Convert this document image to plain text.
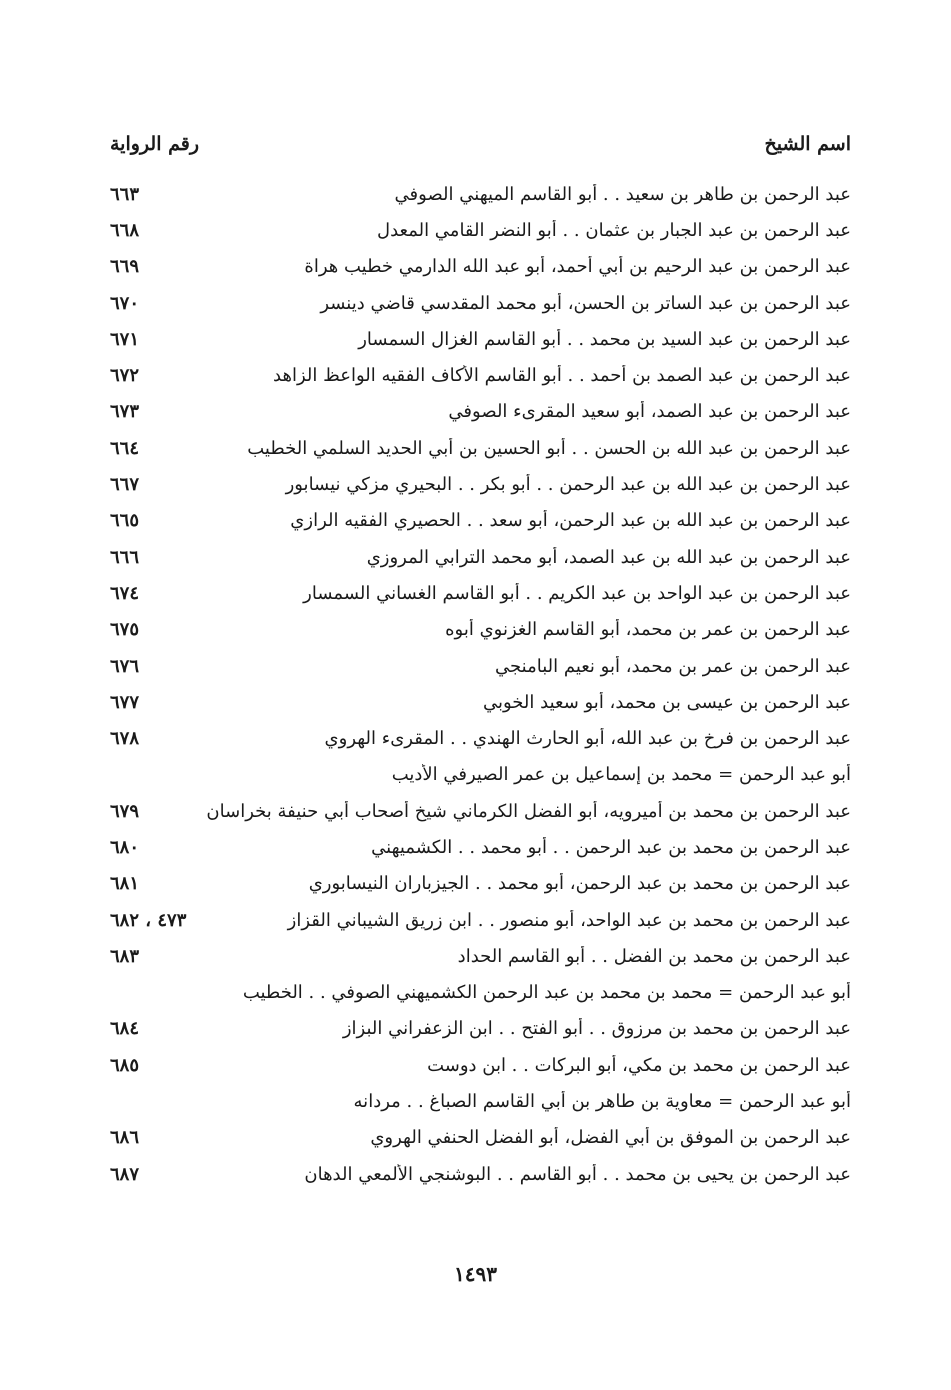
اسم الشيخ
رقم الرواية
عبد الرحمن بن طاهر بن سعيد . . أبو القاسم الميهني الصوفي
٦٦٣
عبد الرحمن بن عبد الجبار بن عثمان . . أبو النضر القامي المعدل
٦٦٨
عبد الرحمن بن عبد الرحيم بن أبي أحمد، أبو عبد الله الدارمي خطيب هراة
٦٦٩
عبد الرحمن بن عبد الساتر بن الحسن، أبو محمد المقدسي قاضي دينسر
٦٧٠
عبد الرحمن بن عبد السيد بن محمد . . أبو القاسم الغزال السمسار
٦٧١
عبد الرحمن بن عبد الصمد بن أحمد . . أبو القاسم الأكاف الفقيه الواعظ الزاهد
٦٧٢
عبد الرحمن بن عبد الصمد، أبو سعيد المقرىء الصوفي
٦٧٣
عبد الرحمن بن عبد الله بن الحسن . . أبو الحسين بن أبي الحديد السلمي الخطيب
٦٦٤
عبد الرحمن بن عبد الله بن عبد الرحمن . . أبو بكر . . البحيري مزكي نيسابور
٦٦٧
عبد الرحمن بن عبد الله بن عبد الرحمن، أبو سعد . . الحصيري الفقيه الرازي
٦٦٥
عبد الرحمن بن عبد الله بن عبد الصمد، أبو محمد الترابي المروزي
٦٦٦
عبد الرحمن بن عبد الواحد بن عبد الكريم . . أبو القاسم الغساني السمسار
٦٧٤
عبد الرحمن بن عمر بن محمد، أبو القاسم الغزنوي أبوه
٦٧٥
عبد الرحمن بن عمر بن محمد، أبو نعيم البامنجي
٦٧٦
عبد الرحمن بن عيسى بن محمد، أبو سعيد الخوبي
٦٧٧
عبد الرحمن بن فرخ بن عبد الله، أبو الحارث الهندي . . المقرىء الهروي
٦٧٨
أبو عبد الرحمن = محمد بن إسماعيل بن عمر الصيرفي الأديب
عبد الرحمن بن محمد بن أميرويه، أبو الفضل الكرماني شيخ أصحاب أبي حنيفة بخراسان
٦٧٩
عبد الرحمن بن محمد بن عبد الرحمن . . أبو محمد . . الكشميهني
٦٨٠
عبد الرحمن بن محمد بن عبد الرحمن، أبو محمد . . الجيزباران النيسابوري
٦٨١
عبد الرحمن بن محمد بن عبد الواحد، أبو منصور . . ابن زريق الشيباني القزاز
٤٧٣ ، ٦٨٢
عبد الرحمن بن محمد بن الفضل . . أبو القاسم الحداد
٦٨٣
أبو عبد الرحمن = محمد بن محمد بن عبد الرحمن الكشميهني الصوفي . . الخطيب
عبد الرحمن بن محمد بن مرزوق . . أبو الفتح . . ابن الزعفراني البزاز
٦٨٤
عبد الرحمن بن محمد بن مكي، أبو البركات . . ابن دوست
٦٨٥
أبو عبد الرحمن = معاوية بن طاهر بن أبي القاسم الصباغ . . مردانه
عبد الرحمن بن الموفق بن أبي الفضل، أبو الفضل الحنفي الهروي
٦٨٦
عبد الرحمن بن يحيى بن محمد . . أبو القاسم . . البوشنجي الألمعي الدهان
٦٨٧
١٤٩٣
